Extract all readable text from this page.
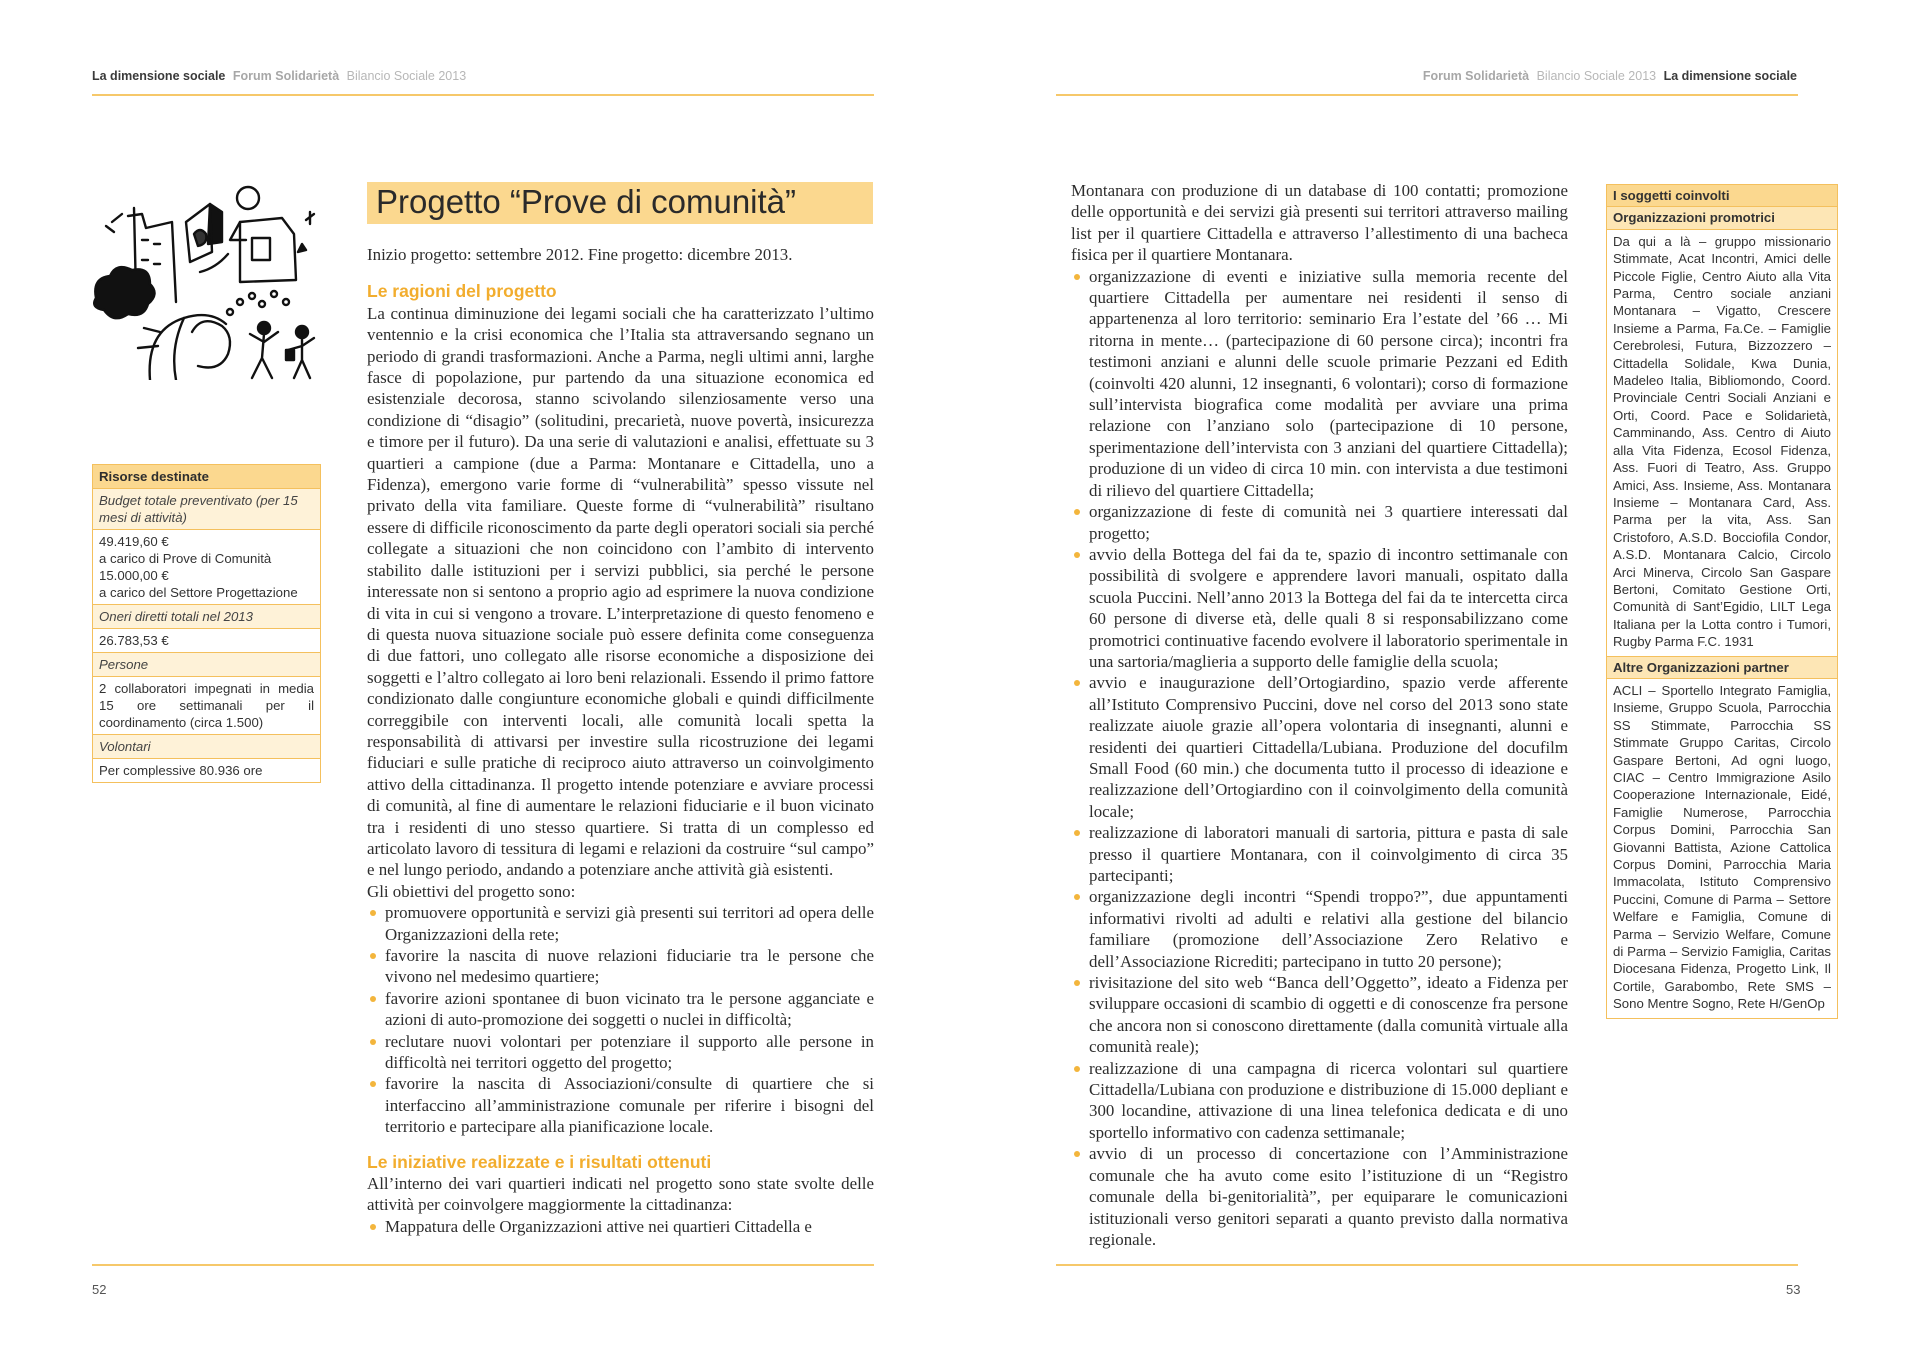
La dimensione sociale Forum Solidarietà Bilancio Sociale 2013
Risorse destinate
Budget totale preventivato (per 15 mesi di attività)
49.419,60 €
a carico di Prove di Comunità
15.000,00 €
a carico del Settore Progettazione
Oneri diretti totali nel 2013
26.783,53 €
Persone
2 collaboratori impegnati in media 15 ore settimanali per il coordinamento (circa 1.500)
Volontari
Per complessive 80.936 ore
Progetto “Prove di comunità”

Inizio progetto: settembre 2012. Fine progetto: dicembre 2013.

Le ragioni del progetto

La continua diminuzione dei legami sociali che ha caratterizzato l’ultimo ventennio e la crisi economica che l’Italia sta attraversando segnano un periodo di grandi trasformazioni. Anche a Parma, negli ultimi anni, larghe fasce di popolazione, pur partendo da una situazione economica ed esistenziale decorosa, stanno scivolando silenziosamente verso una condizione di “disagio” (solitudini, precarietà, nuove povertà, insicurezza e timore per il futuro). Da una serie di valutazioni e analisi, effettuate su 3 quartieri a campione (due a Parma: Montanare e Cittadella, uno a Fidenza), emergono varie forme di “vulnerabilità” spesso vissute nel privato della vita familiare. Queste forme di “vulnerabilità” risultano essere di difficile riconoscimento da parte degli operatori sociali sia perché collegate a situazioni che non coincidono con l’ambito di intervento stabilito dalle istituzioni per i servizi pubblici, sia perché le persone interessate non si sentono a proprio agio ad esprimere la nuova condizione di vita in cui si vengono a trovare. L’interpretazione di questo fenomeno e di questa nuova situazione sociale può essere definita come conseguenza di due fattori, uno collegato alle risorse economiche a disposizione dei soggetti e l’altro collegato ai loro beni relazionali. Essendo il primo fattore condizionato dalle congiunture economiche globali e quindi difficilmente correggibile con interventi locali, alle comunità locali spetta la responsabilità di attivarsi per investire sulla ricostruzione dei legami fiduciari e sulle pratiche di reciproco aiuto attraverso un coinvolgimento attivo della cittadinanza. Il progetto intende potenziare e avviare processi di comunità, al fine di aumentare le relazioni fiduciarie e il buon vicinato tra i residenti di uno stesso quartiere. Si tratta di un complesso ed articolato lavoro di tessitura di legami e relazioni da costruire “sul campo” e nel lungo periodo, andando a potenziare anche attività già esistenti.

Gli obiettivi del progetto sono:

promuovere opportunità e servizi già presenti sui territori ad opera delle Organizzazioni della rete;
favorire la nascita di nuove relazioni fiduciarie tra le persone che vivono nel medesimo quartiere;
favorire azioni spontanee di buon vicinato tra le persone agganciate e azioni di auto-promozione dei soggetti o nuclei in difficoltà;
reclutare nuovi volontari per potenziare il supporto alle persone in difficoltà nei territori oggetto del progetto;
favorire la nascita di Associazioni/consulte di quartiere che si interfaccino all’amministrazione comunale per riferire i bisogni del territorio e partecipare alla pianificazione locale.
Le iniziative realizzate e i risultati ottenuti

All’interno dei vari quartieri indicati nel progetto sono state svolte delle attività per coinvolgere maggiormente la cittadinanza:

Mappatura delle Organizzazioni attive nei quartieri Cittadella e
52
Forum Solidarietà Bilancio Sociale 2013 La dimensione sociale

Montanara con produzione di un database di 100 contatti; promozione delle opportunità e dei servizi già presenti sui territori attraverso mailing list per il quartiere Cittadella e attraverso l’allestimento di una bacheca fisica per il quartiere Montanara.

organizzazione di eventi e iniziative sulla memoria recente del quartiere Cittadella per aumentare nei residenti il senso di appartenenza al loro territorio: seminario Era l’estate del ’66 … Mi ritorna in mente… (partecipazione di 60 persone circa); incontri fra testimoni anziani e alunni delle scuole primarie Pezzani ed Edith (coinvolti 420 alunni, 12 insegnanti, 6 volontari); corso di formazione sull’intervista biografica come modalità per avviare una prima relazione con l’anziano solo (partecipazione di 10 persone, sperimentazione dell’intervista con 3 anziani del quartiere Cittadella); produzione di un video di circa 10 min. con intervista a due testimoni di rilievo del quartiere Cittadella;
organizzazione di feste di comunità nei 3 quartiere interessati dal progetto;
avvio della Bottega del fai da te, spazio di incontro settimanale con possibilità di svolgere e apprendere lavori manuali, ospitato dalla scuola Puccini. Nell’anno 2013 la Bottega del fai da te intercetta circa 60 persone di diverse età, delle quali 8 si responsabilizzano come promotrici continuative facendo evolvere il laboratorio sperimentale in una sartoria/maglieria a supporto delle famiglie della scuola;
avvio e inaugurazione dell’Ortogiardino, spazio verde afferente all’Istituto Comprensivo Puccini, dove nel corso del 2013 sono state realizzate aiuole grazie all’opera volontaria di insegnanti, alunni e residenti dei quartieri Cittadella/Lubiana. Produzione del docufilm Small Food (60 min.) che documenta tutto il processo di ideazione e realizzazione dell’Ortogiardino con il coinvolgimento della comunità locale;
realizzazione di laboratori manuali di sartoria, pittura e pasta di sale presso il quartiere Montanara, con il coinvolgimento di circa 35 partecipanti;
organizzazione degli incontri “Spendi troppo?”, due appuntamenti informativi rivolti ad adulti e relativi alla gestione del bilancio familiare (promozione dell’Associazione Zero Relativo e dell’Associazione Ricrediti; partecipano in tutto 20 persone);
rivisitazione del sito web “Banca dell’Oggetto”, ideato a Fidenza per sviluppare occasioni di scambio di oggetti e di conoscenze fra persone che ancora non si conoscono direttamente (dalla comunità virtuale alla comunità reale);
realizzazione di una campagna di ricerca volontari sul quartiere Cittadella/Lubiana con produzione e distribuzione di 15.000 depliant e 300 locandine, attivazione di una linea telefonica dedicata e di uno sportello informativo con cadenza settimanale;
avvio di un processo di concertazione con l’Amministrazione comunale che ha avuto come esito l’istituzione di un “Registro comunale della bi-genitorialità”, per equiparare le comunicazioni istituzionali verso genitori separati a quanto previsto dalla normativa regionale.
53
I soggetti coinvolti
Organizzazioni promotrici
Da qui a là – gruppo missionario Stimmate, Acat Incontri, Amici delle Piccole Figlie, Centro Aiuto alla Vita Parma, Centro sociale anziani Montanara – Vigatto, Crescere Insieme a Parma, Fa.Ce. – Famiglie Cerebrolesi, Futura, Bizzozzero – Cittadella Solidale, Kwa Dunia, Madeleo Italia, Bibliomondo, Coord. Provinciale Centri Sociali Anziani e Orti, Coord. Pace e Solidarietà, Camminando, Ass. Centro di Aiuto alla Vita Fidenza, Ecosol Fidenza, Ass. Fuori di Teatro, Ass. Gruppo Amici, Ass. Insieme, Ass. Montanara Insieme – Montanara Card, Ass. Parma per la vita, Ass. San Cristoforo, A.S.D. Bocciofila Condor, A.S.D. Montanara Calcio, Circolo Arci Minerva, Circolo San Gaspare Bertoni, Comitato Gestione Orti, Comunità di Sant’Egidio, LILT Lega Italiana per la Lotta contro i Tumori, Rugby Parma F.C. 1931
Altre Organizzazioni partner
ACLI – Sportello Integrato Famiglia, Insieme, Gruppo Scuola, Parrocchia SS Stimmate, Parrocchia SS Stimmate Gruppo Caritas, Circolo Gaspare Bertoni, Ad ogni luogo, CIAC – Centro Immigrazione Asilo Cooperazione Internazionale, Eidé, Famiglie Numerose, Parrocchia Corpus Domini, Parrocchia San Giovanni Battista, Azione Cattolica Corpus Domini, Parrocchia Maria Immacolata, Istituto Comprensivo Puccini, Comune di Parma – Settore Welfare e Famiglia, Comune di Parma – Servizio Welfare, Comune di Parma – Servizio Famiglia, Caritas Diocesana Fidenza, Progetto Link, Il Cortile, Garabombo, Rete SMS – Sono Mentre Sogno, Rete H/GenOp
